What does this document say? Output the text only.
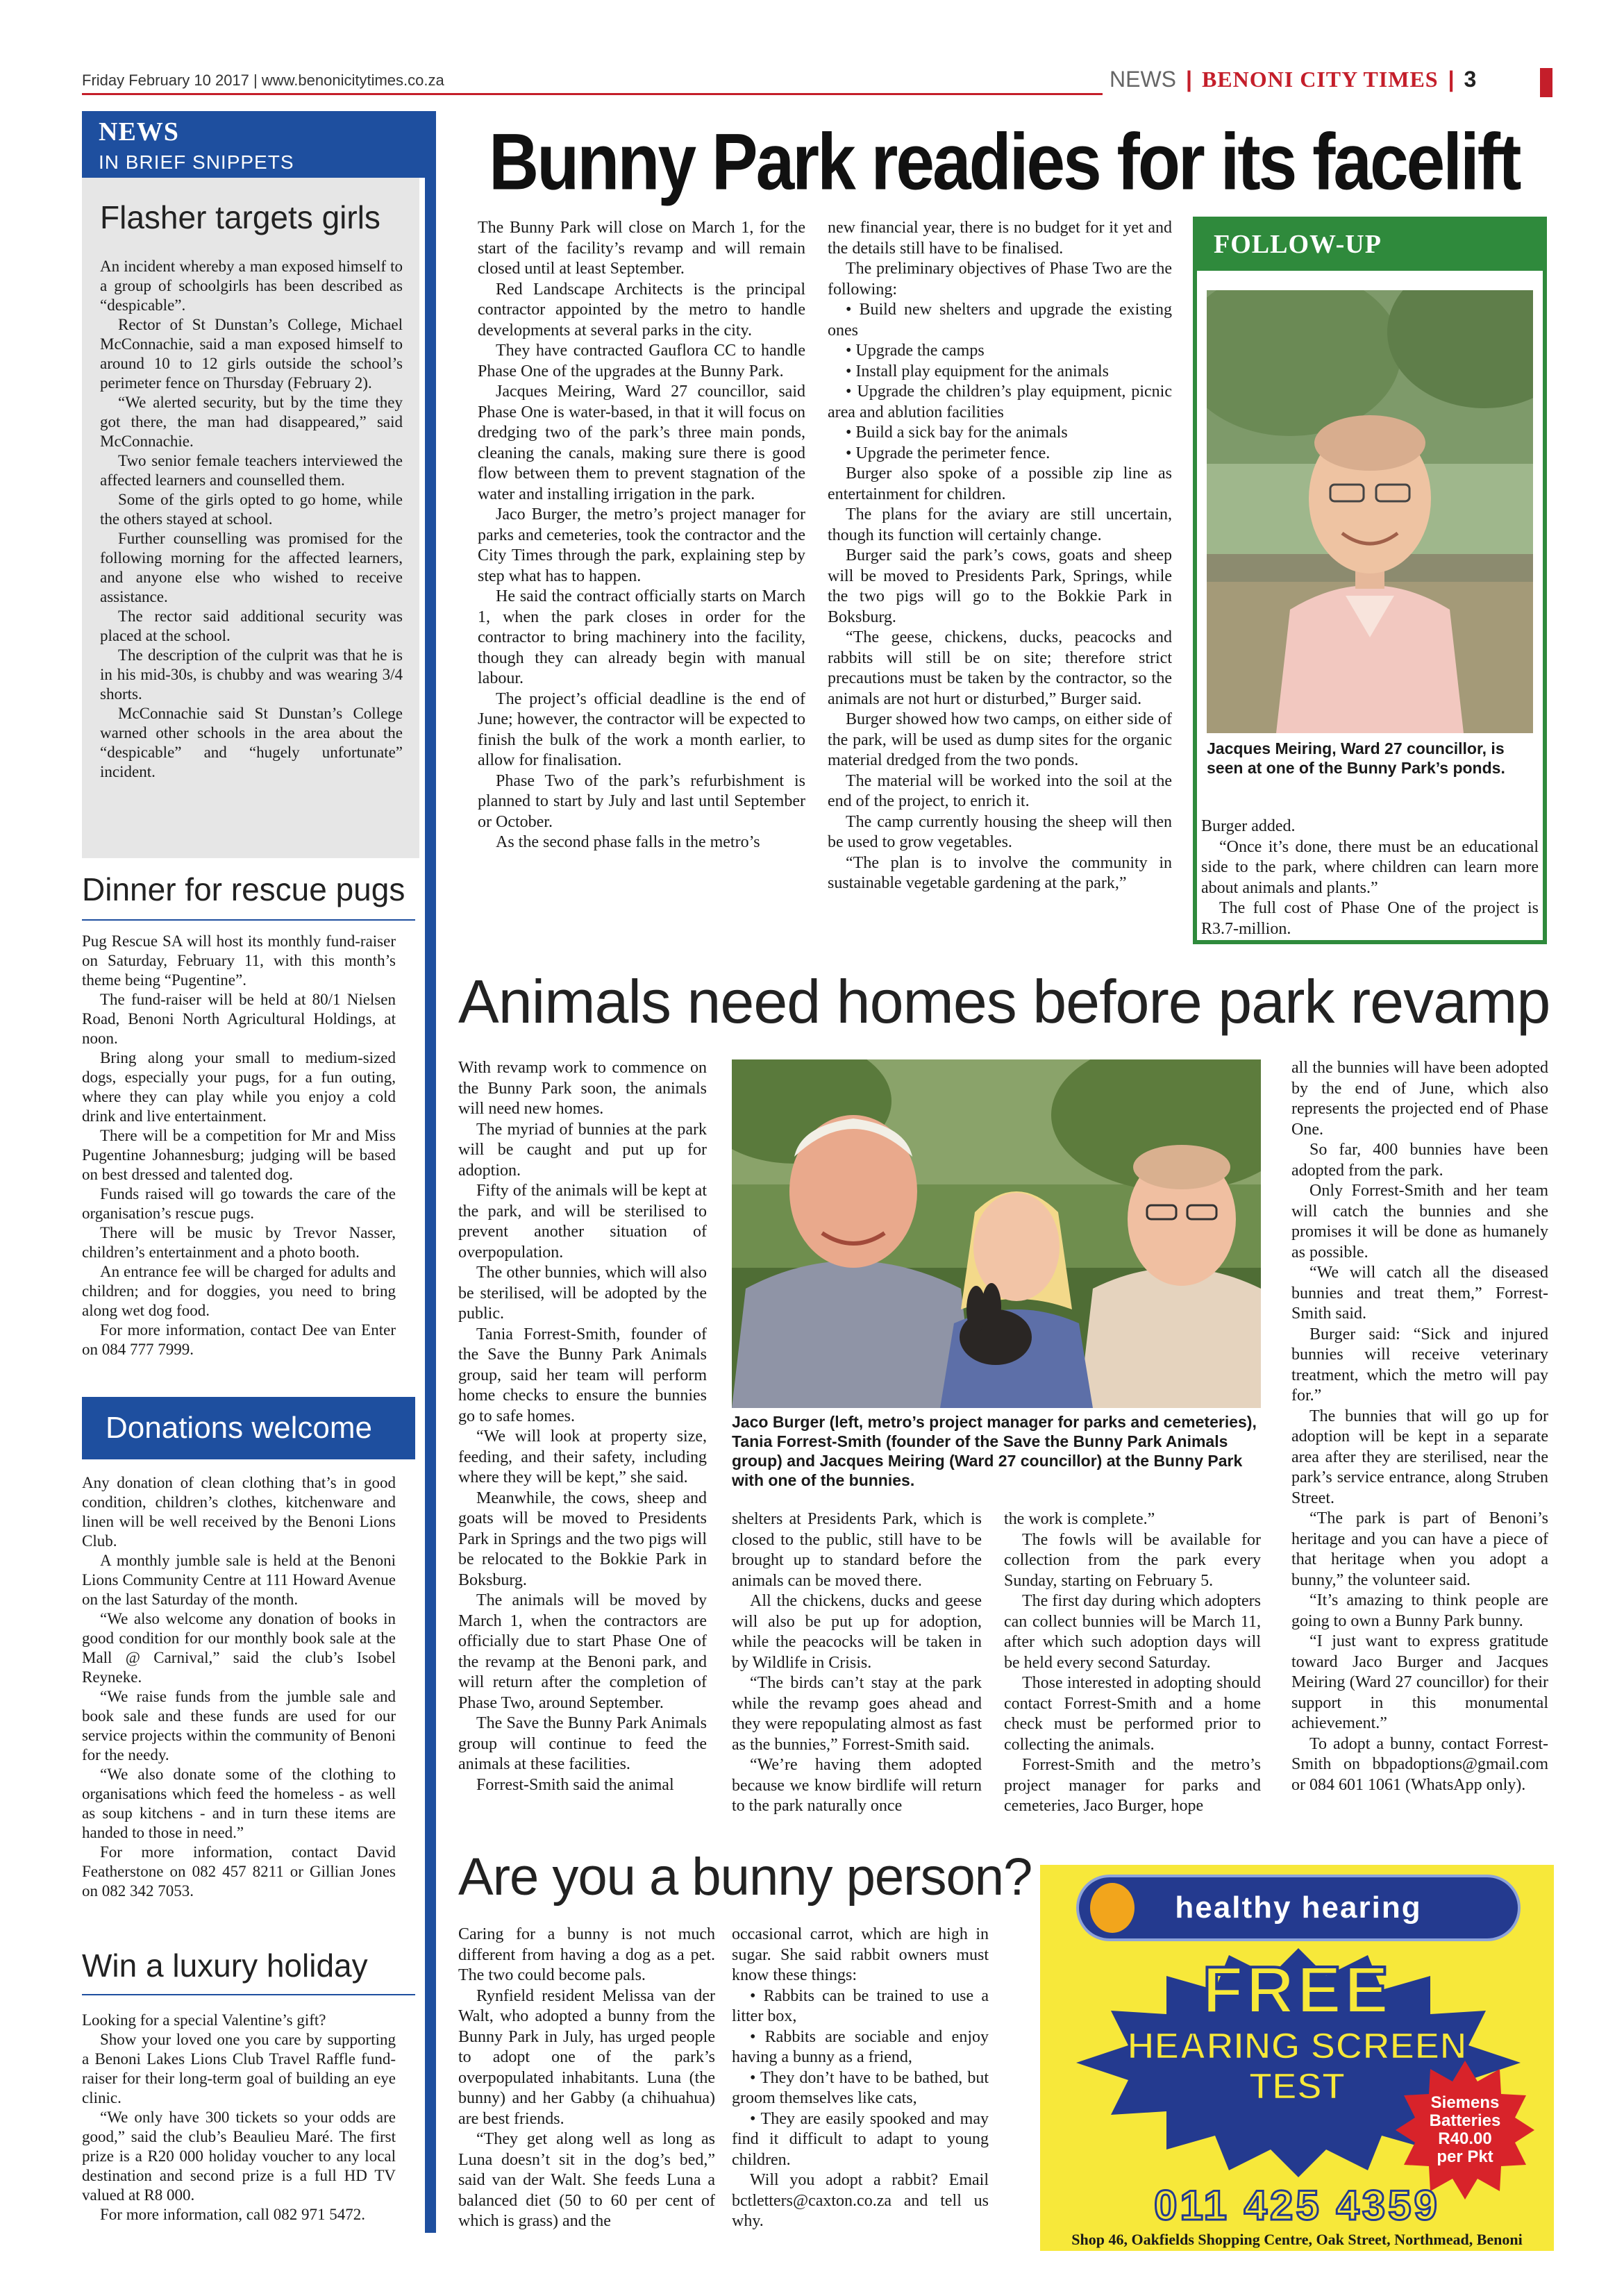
Friday February 10 2017 | www.benonicitytimes.co.za	NEWS | BENONI CITY TIMES | 3
NEWS
IN BRIEF SNIPPETS
Flasher targets girls

An incident whereby a man exposed himself to a group of schoolgirls has been described as “despicable”.

Rector of St Dunstan’s College, Michael McConnachie, said a man exposed himself to around 10 to 12 girls outside the school’s perimeter fence on Thursday (February 2).

“We alerted security, but by the time they got there, the man had disappeared,” said McConnachie.

Two senior female teachers interviewed the affected learners and counselled them.

Some of the girls opted to go home, while the others stayed at school.

Further counselling was promised for the following morning for the affected learners, and anyone else who wished to receive assistance.

The rector said additional security was placed at the school.

The description of the culprit was that he is in his mid-30s, is chubby and was wearing 3/4 shorts.

McConnachie said St Dunstan’s College warned other schools in the area about the “despicable” and “hugely unfortunate” incident.

Dinner for rescue pugs

Pug Rescue SA will host its monthly fund-raiser on Saturday, February 11, with this month’s theme being “Pugentine”.

The fund-raiser will be held at 80/1 Nielsen Road, Benoni North Agricultural Holdings, at noon.

Bring along your small to medium-sized dogs, especially your pugs, for a fun outing, where they can play while you enjoy a cold drink and live entertainment.

There will be a competition for Mr and Miss Pugentine Johannesburg; judging will be based on best dressed and talented dog.

Funds raised will go towards the care of the organisation’s rescue pugs.

There will be music by Trevor Nasser, children’s entertainment and a photo booth.

An entrance fee will be charged for adults and children; and for doggies, you need to bring along wet dog food.

For more information, contact Dee van Enter on 084 777 7999.

Donations welcome

Any donation of clean clothing that’s in good condition, children’s clothes, kitchenware and linen will be well received by the Benoni Lions Club.

A monthly jumble sale is held at the Benoni Lions Community Centre at 111 Howard Avenue on the last Saturday of the month.

“We also welcome any donation of books in good condition for our monthly book sale at the Mall @ Carnival,” said the club’s Isobel Reyneke.

“We raise funds from the jumble sale and book sale and these funds are used for our service projects within the community of Benoni for the needy.

“We also donate some of the clothing to organisations which feed the homeless - as well as soup kitchens - and in turn these items are handed to those in need.”

For more information, contact David Featherstone on 082 457 8211 or Gillian Jones on 082 342 7053.

Win a luxury holiday

Looking for a special Valentine’s gift?

Show your loved one you care by supporting a Benoni Lakes Lions Club Travel Raffle fund-raiser for their long-term goal of building an eye clinic.

“We only have 300 tickets so your odds are good,” said the club’s Beaulieu Maré. The first prize is a R20 000 holiday voucher to any local destination and second prize is a full HD TV valued at R8 000.

For more information, call 082 971 5472.

Bunny Park readies for its facelift

The Bunny Park will close on March 1, for the start of the facility’s revamp and will remain closed until at least September.

Red Landscape Architects is the principal contractor appointed by the metro to handle developments at several parks in the city.

They have contracted Gauflora CC to handle Phase One of the upgrades at the Bunny Park.

Jacques Meiring, Ward 27 councillor, said Phase One is water-based, in that it will focus on dredging two of the park’s three main ponds, cleaning the canals, making sure there is good flow between them to prevent stagnation of the water and installing irrigation in the park.

Jaco Burger, the metro’s project manager for parks and cemeteries, took the contractor and the City Times through the park, explaining step by step what has to happen.

He said the contract officially starts on March 1, when the park closes in order for the contractor to bring machinery into the facility, though they can already begin with manual labour.

The project’s official deadline is the end of June; however, the contractor will be expected to finish the bulk of the work a month earlier, to allow for finalisation.

Phase Two of the park’s refurbishment is planned to start by July and last until September or October.

As the second phase falls in the metro’s

new financial year, there is no budget for it yet and the details still have to be finalised.

The preliminary objectives of Phase Two are the following:

• Build new shelters and upgrade the existing ones

• Upgrade the camps

• Install play equipment for the animals

• Upgrade the children’s play equipment, picnic area and ablution facilities

• Build a sick bay for the animals

• Upgrade the perimeter fence.

Burger also spoke of a possible zip line as entertainment for children.

The plans for the aviary are still uncertain, though its function will certainly change.

Burger said the park’s cows, goats and sheep will be moved to Presidents Park, Springs, while the two pigs will go to the Bokkie Park in Boksburg.

“The geese, chickens, ducks, peacocks and rabbits will still be on site; therefore strict precautions must be taken by the contractor, so the animals are not hurt or disturbed,” Burger said.

Burger showed how two camps, on either side of the park, will be used as dump sites for the organic material dredged from the two ponds.

The material will be worked into the soil at the end of the project, to enrich it.

The camp currently housing the sheep will then be used to grow vegetables.

“The plan is to involve the community in sustainable vegetable gardening at the park,”

FOLLOW-UP
Jacques Meiring, Ward 27 councillor, is seen at one of the Bunny Park’s ponds.

Burger added.

“Once it’s done, there must be an educational side to the park, where children can learn more about animals and plants.”

The full cost of Phase One of the project is R3.7-million.

Animals need homes before park revamp

With revamp work to commence on the Bunny Park soon, the animals will need new homes.

The myriad of bunnies at the park will be caught and put up for adoption.

Fifty of the animals will be kept at the park, and will be sterilised to prevent another situation of overpopulation.

The other bunnies, which will also be sterilised, will be adopted by the public.

Tania Forrest-Smith, founder of the Save the Bunny Park Animals group, said her team will perform home checks to ensure the bunnies go to safe homes.

“We will look at property size, feeding, and their safety, including where they will be kept,” she said.

Meanwhile, the cows, sheep and goats will be moved to Presidents Park in Springs and the two pigs will be relocated to the Bokkie Park in Boksburg.

The animals will be moved by March 1, when the contractors are officially due to start Phase One of the revamp at the Benoni park, and will return after the completion of Phase Two, around September.

The Save the Bunny Park Animals group will continue to feed the animals at these facilities.

Forrest-Smith said the animal

Jaco Burger (left, metro’s project manager for parks and cemeteries), Tania Forrest-Smith (founder of the Save the Bunny Park Animals group) and Jacques Meiring (Ward 27 councillor) at the Bunny Park with one of the bunnies.

shelters at Presidents Park, which is closed to the public, still have to be brought up to standard before the animals can be moved there.

All the chickens, ducks and geese will also be put up for adoption, while the peacocks will be taken in by Wildlife in Crisis.

“The birds can’t stay at the park while the revamp goes ahead and they were repopulating almost as fast as the bunnies,” Forrest-Smith said.

“We’re having them adopted because we know birdlife will return to the park naturally once

the work is complete.”

The fowls will be available for collection from the park every Sunday, starting on February 5.

The first day during which adopters can collect bunnies will be March 11, after which such adoption days will be held every second Saturday.

Those interested in adopting should contact Forrest-Smith and a home check must be performed prior to collecting the animals.

Forrest-Smith and the metro’s project manager for parks and cemeteries, Jaco Burger, hope

all the bunnies will have been adopted by the end of June, which also represents the projected end of Phase One.

So far, 400 bunnies have been adopted from the park.

Only Forrest-Smith and her team will catch the bunnies and she promises it will be done as humanely as possible.

“We will catch all the diseased bunnies and treat them,” Forrest-Smith said.

Burger said: “Sick and injured bunnies will receive veterinary treatment, which the metro will pay for.”

The bunnies that will go up for adoption will be kept in a separate area after they are sterilised, near the park’s service entrance, along Struben Street.

“The park is part of Benoni’s heritage and you can have a piece of that heritage when you adopt a bunny,” the volunteer said.

“It’s amazing to think people are going to own a Bunny Park bunny.

“I just want to express gratitude toward Jaco Burger and Jacques Meiring (Ward 27 councillor) for their support in this monumental achievement.”

To adopt a bunny, contact Forrest-Smith on bbpadoptions@gmail.com or 084 601 1061 (WhatsApp only).

Are you a bunny person?

Caring for a bunny is not much different from having a dog as a pet. The two could become pals.

Rynfield resident Melissa van der Walt, who adopted a bunny from the Bunny Park in July, has urged people to adopt one of the park’s overpopulated inhabitants. Luna (the bunny) and her Gabby (a chihuahua) are best friends.

“They get along well as long as Luna doesn’t sit in the dog’s bed,” said van der Walt. She feeds Luna a balanced diet (50 to 60 per cent of which is grass) and the

occasional carrot, which are high in sugar. She said rabbit owners must know these things:

• Rabbits can be trained to use a litter box,

• Rabbits are sociable and enjoy having a bunny as a friend,

• They don’t have to be bathed, but groom themselves like cats,

• They are easily spooked and may find it difficult to adapt to young children.

Will you adopt a rabbit? Email bctletters@caxton.co.za and tell us why.

healthy hearing
FREE
HEARING SCREEN
TEST	Siemens
Batteries
R40.00
per Pkt
011 425 4359
Shop 46, Oakfields Shopping Centre, Oak Street, Northmead, Benoni
